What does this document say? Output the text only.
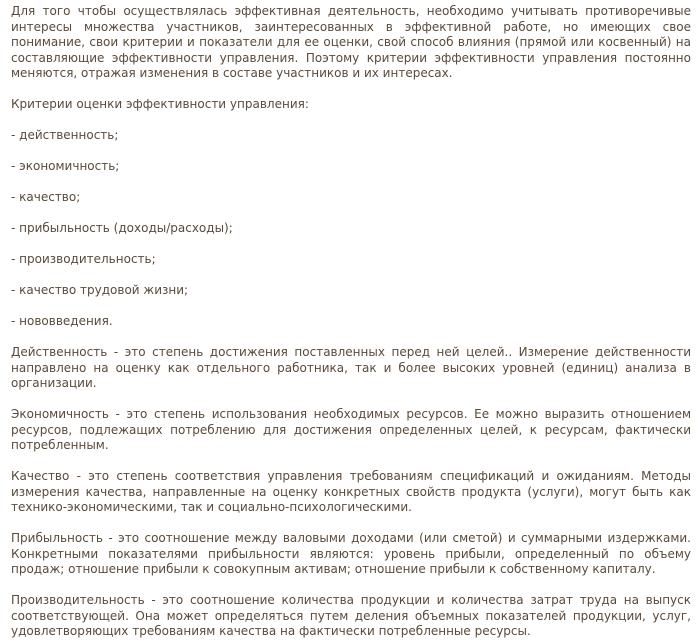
Для того чтобы осуществлялась эффективная деятельность, необходимо учитывать противоречивые интересы множества участников, заинтересованных в эффективной работе, но имеющих свое понимание, свои критерии и показатели для ее оценки, свой способ влияния (прямой или косвенный) на составляющие эффективности управления. Поэтому критерии эффективности управления постоянно меняются, отражая изменения в составе участников и их интересах.

Критерии оценки эффективности управления:

- действенность;

- экономичность;

- качество;

- прибыльность (доходы/расходы);

- производительность;

- качество трудовой жизни;

- нововведения.

Действенность - это степень достижения поставленных перед ней целей.. Измерение действенности направлено на оценку как отдельного работника, так и более высоких уровней (единиц) анализа в организации.

Экономичность - это степень использования необходимых ресурсов. Ее можно выразить отношением ресурсов, подлежащих потреблению для достижения определенных целей, к ресурсам, фактически потребленным.

Качество - это степень соответствия управления требованиям спецификаций и ожиданиям. Методы измерения качества, направленные на оценку конкретных свойств продукта (услуги), могут быть как технико-экономическими, так и социально-психологическими.

Прибыльность - это соотношение между валовыми доходами (или сметой) и суммарными издержками. Конкретными показателями прибыльности являются: уровень прибыли, определенный по объему продаж; отношение прибыли к совокупным активам; отношение прибыли к собственному капиталу.

Производительность - это соотношение количества продукции и количества затрат труда на выпуск соответствующей. Она может определяться путем деления объемных показателей продукции, услуг, удовлетворяющих требованиям качества на фактически потребленные ресурсы.
